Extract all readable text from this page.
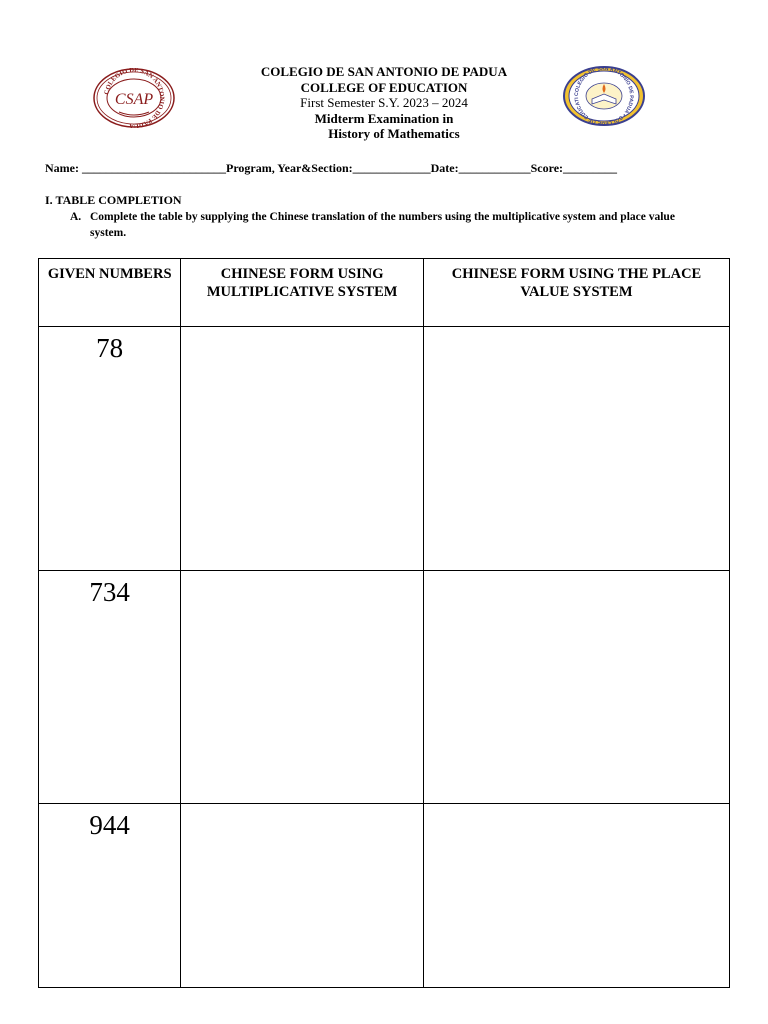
COLEGIO DE SAN ANTONIO DE PADUA
CSAP	COLEGIO DE SAN ANTONIO DE PADUA • COLLEGE OF EDUCATI
COLEGIO DE SAN ANTONIO DE PADUA
COLLEGE OF EDUCATION
First Semester S.Y. 2023 – 2024
Midterm Examination in
History of Mathematics
Name: ________________________Program, Year&Section:_____________Date:____________Score:_________
I. TABLE COMPLETION
A. Complete the table by supplying the Chinese translation of the numbers using the multiplicative system and place value system.
GIVEN NUMBERS	CHINESE FORM USING MULTIPLICATIVE SYSTEM	CHINESE FORM USING THE PLACE VALUE SYSTEM
78		
734		
944		
